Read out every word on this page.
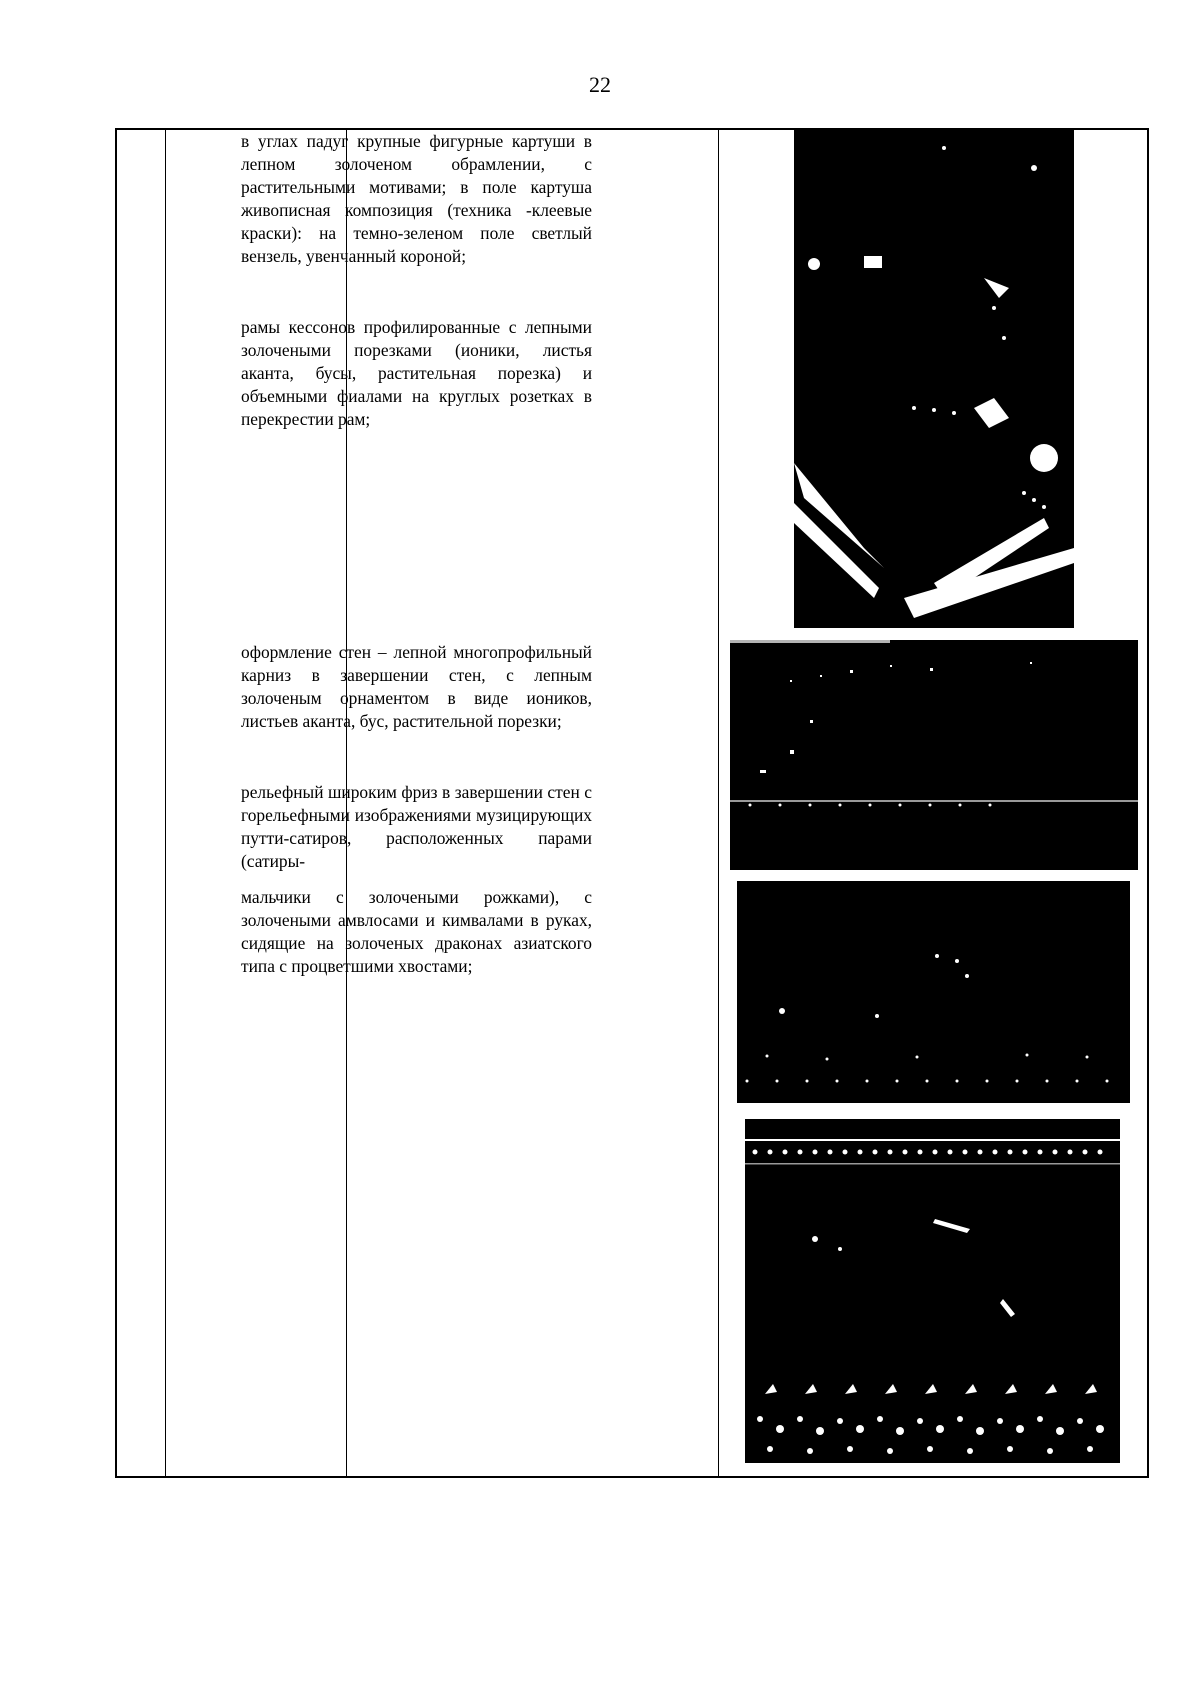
22

в углах падуг крупные фигурные картуши в лепном золоченом обрамлении, с растительными мотивами; в поле картуша живописная композиция (техника -клеевые краски): на темно-зеленом поле светлый вензель, увенчанный короной;

рамы кессонов профилированные с лепными золочеными порезками (ионики, листья аканта, бусы, растительная порезка) и объемными фиалами на круглых розетках в перекрестии рам;

оформление стен – лепной многопрофильный карниз в завершении стен, с лепным золоченым орнаментом в виде иоников, листьев аканта, бус, растительной порезки;

рельефный широким фриз в завершении стен с горельефными изображениями музицирующих путти-сатиров, расположенных парами (сатиры-

мальчики с золочеными рожками), с золочеными амвлосами и кимвалами в руках, сидящие на золоченых драконах азиатского типа с процветшими хвостами;
